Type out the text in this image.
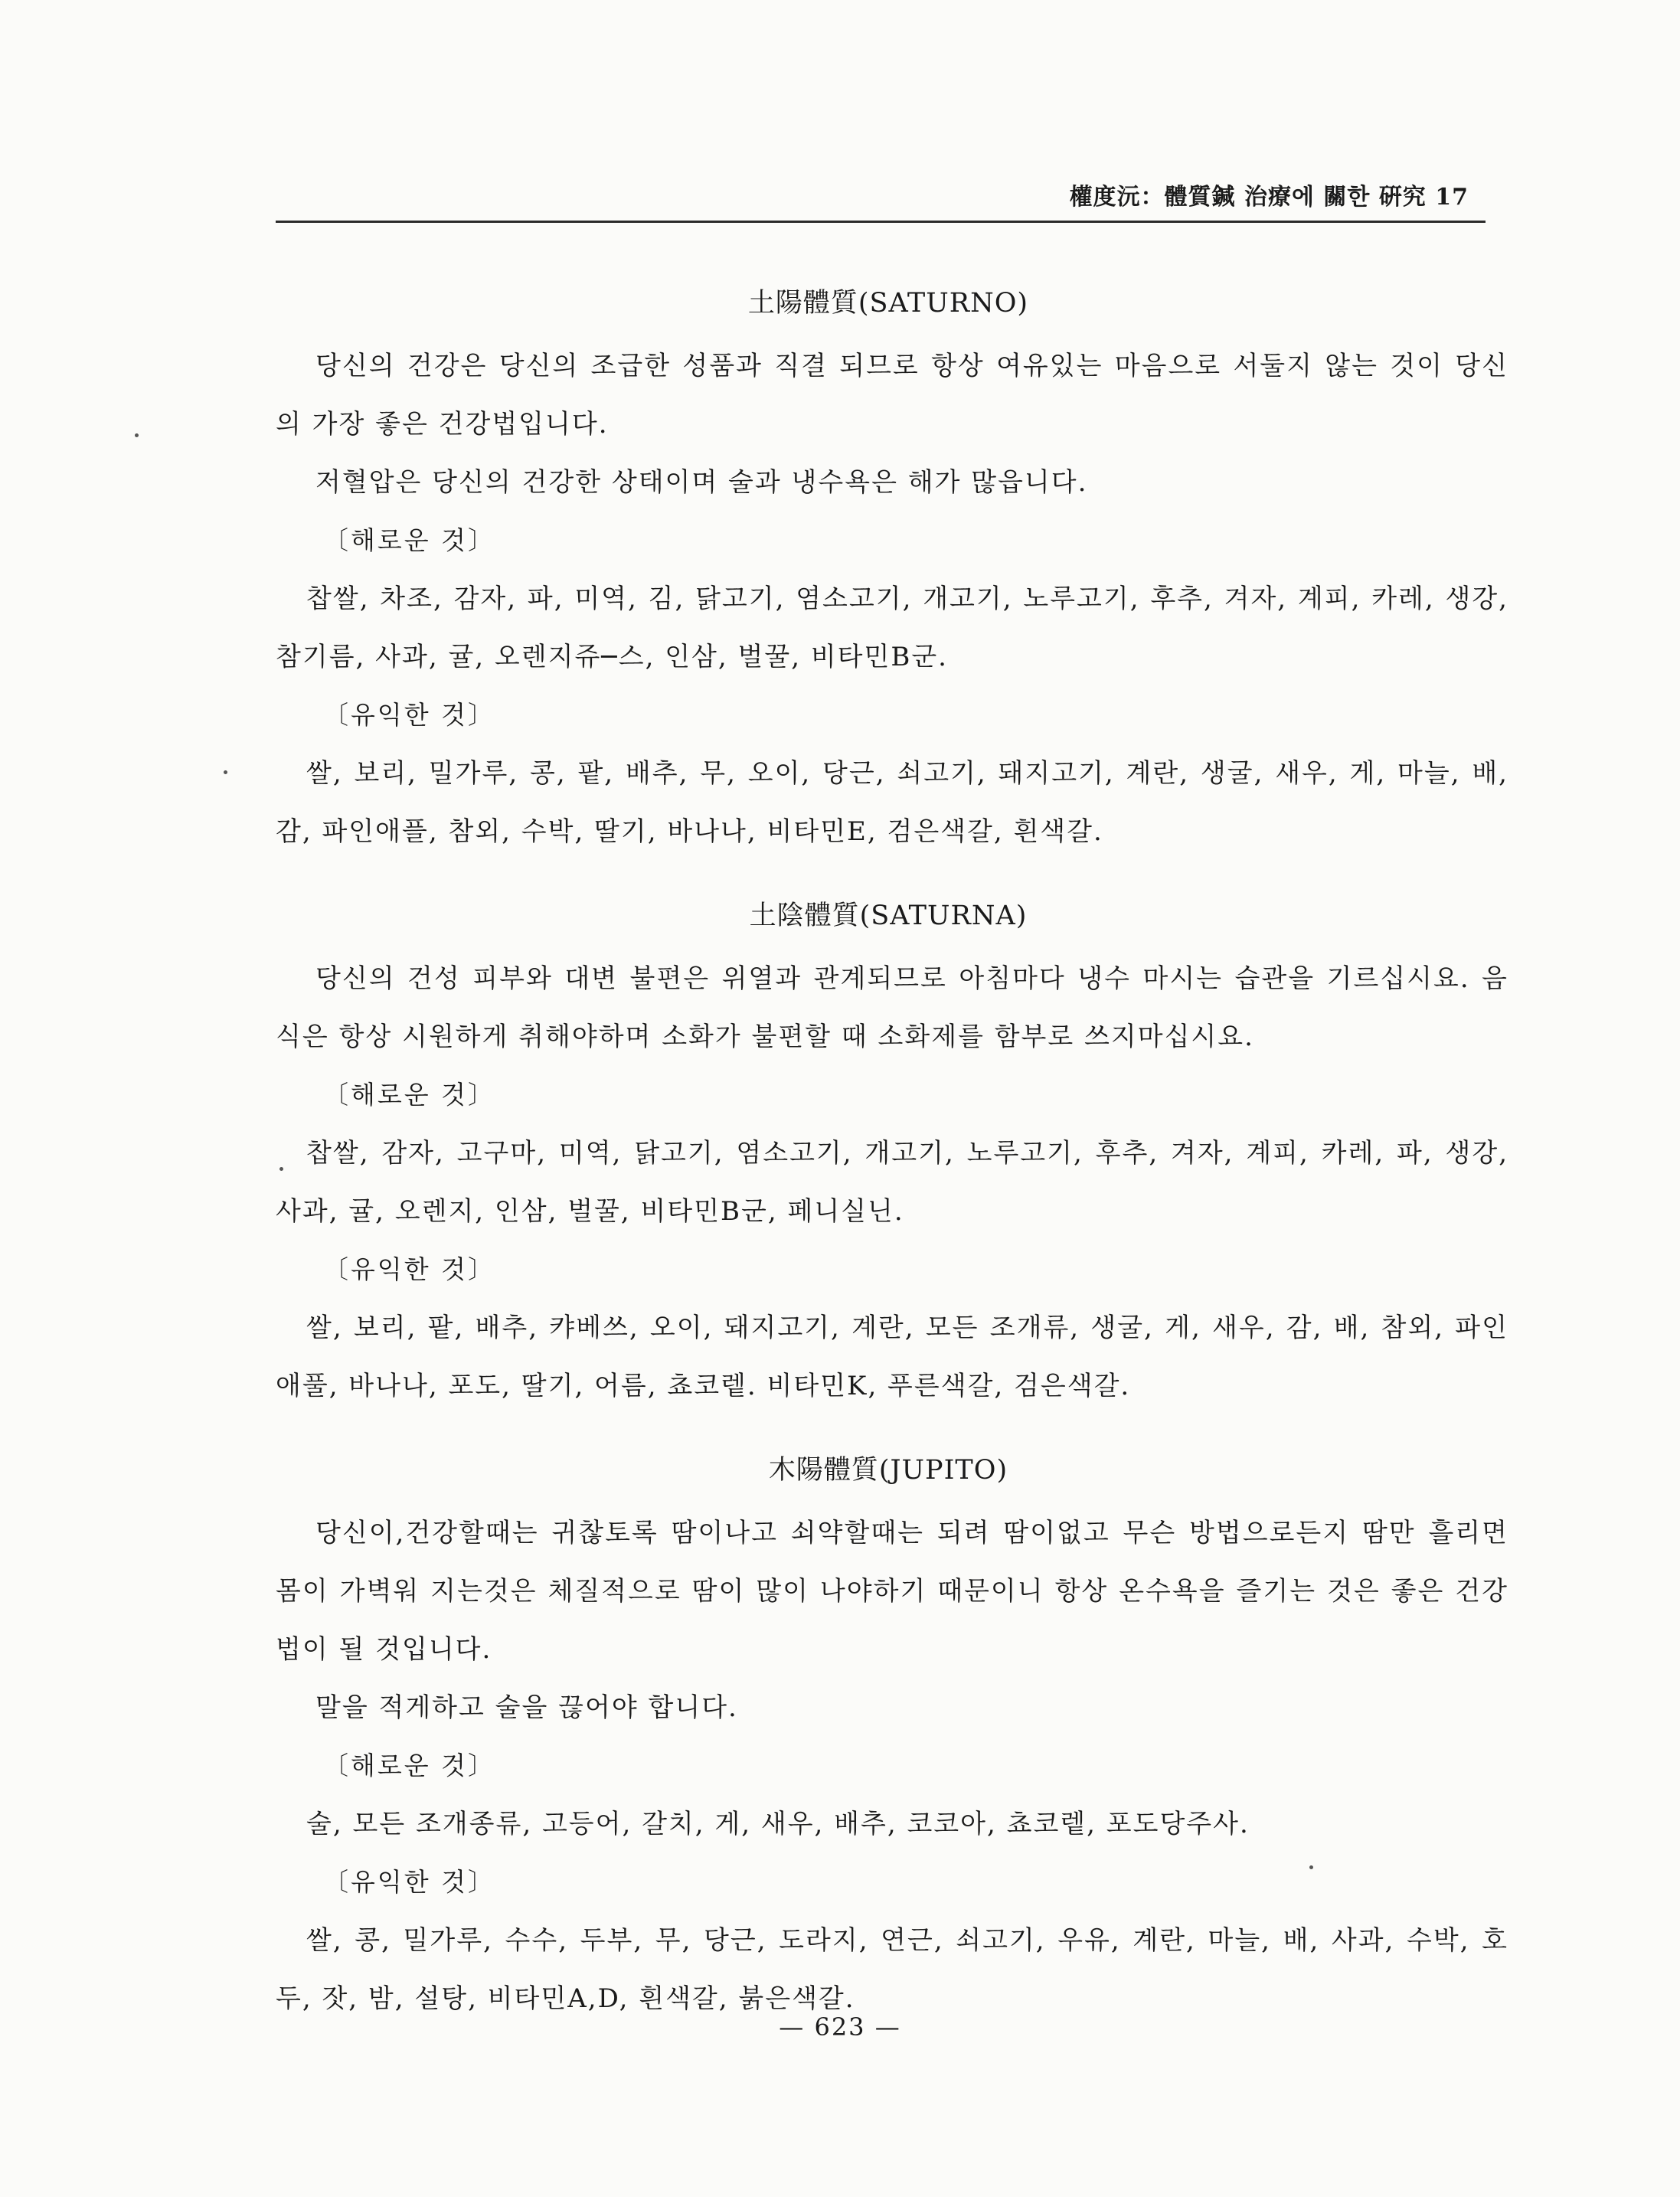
權度沅：體質鍼 治療에 關한 硏究 17
土陽體質(SATURNO)
당신의 건강은 당신의 조급한 성품과 직결 되므로 항상 여유있는 마음으로 서둘지 않는 것이 당신의 가장 좋은 건강법입니다.
저혈압은 당신의 건강한 상태이며 술과 냉수욕은 해가 많읍니다.
〔해로운 것〕
찹쌀, 차조, 감자, 파, 미역, 김, 닭고기, 염소고기, 개고기, 노루고기, 후추, 겨자, 계피, 카레, 생강, 참기름, 사과, 귤, 오렌지쥬─스, 인삼, 벌꿀, 비타민B군.
〔유익한 것〕
쌀, 보리, 밀가루, 콩, 팥, 배추, 무, 오이, 당근, 쇠고기, 돼지고기, 계란, 생굴, 새우, 게, 마늘, 배, 감, 파인애플, 참외, 수박, 딸기, 바나나, 비타민E, 검은색갈, 흰색갈.
土陰體質(SATURNA)
당신의 건성 피부와 대변 불편은 위열과 관계되므로 아침마다 냉수 마시는 습관을 기르십시요. 음식은 항상 시원하게 취해야하며 소화가 불편할 때 소화제를 함부로 쓰지마십시요.
〔해로운 것〕
찹쌀, 감자, 고구마, 미역, 닭고기, 염소고기, 개고기, 노루고기, 후추, 겨자, 계피, 카레, 파, 생강, 사과, 귤, 오렌지, 인삼, 벌꿀, 비타민B군, 페니실닌.
〔유익한 것〕
쌀, 보리, 팥, 배추, 캬베쓰, 오이, 돼지고기, 계란, 모든 조개류, 생굴, 게, 새우, 감, 배, 참외, 파인애풀, 바나나, 포도, 딸기, 어름, 쵸코렡. 비타민K, 푸른색갈, 검은색갈.
木陽體質(JUPITO)
당신이,건강할때는 귀찮토록 땀이나고 쇠약할때는 되려 땀이없고 무슨 방법으로든지 땀만 흘리면 몸이 가벽워 지는것은 체질적으로 땀이 많이 나야하기 때문이니 항상 온수욕을 즐기는 것은 좋은 건강법이 될 것입니다.
말을 적게하고 술을 끊어야 합니다.
〔해로운 것〕
술, 모든 조개종류, 고등어, 갈치, 게, 새우, 배추, 코코아, 쵸코렡, 포도당주사.
〔유익한 것〕
쌀, 콩, 밀가루, 수수, 두부, 무, 당근, 도라지, 연근, 쇠고기, 우유, 계란, 마늘, 배, 사과, 수박, 호두, 잣, 밤, 설탕, 비타민A,D, 흰색갈, 붉은색갈.
— 623 —
